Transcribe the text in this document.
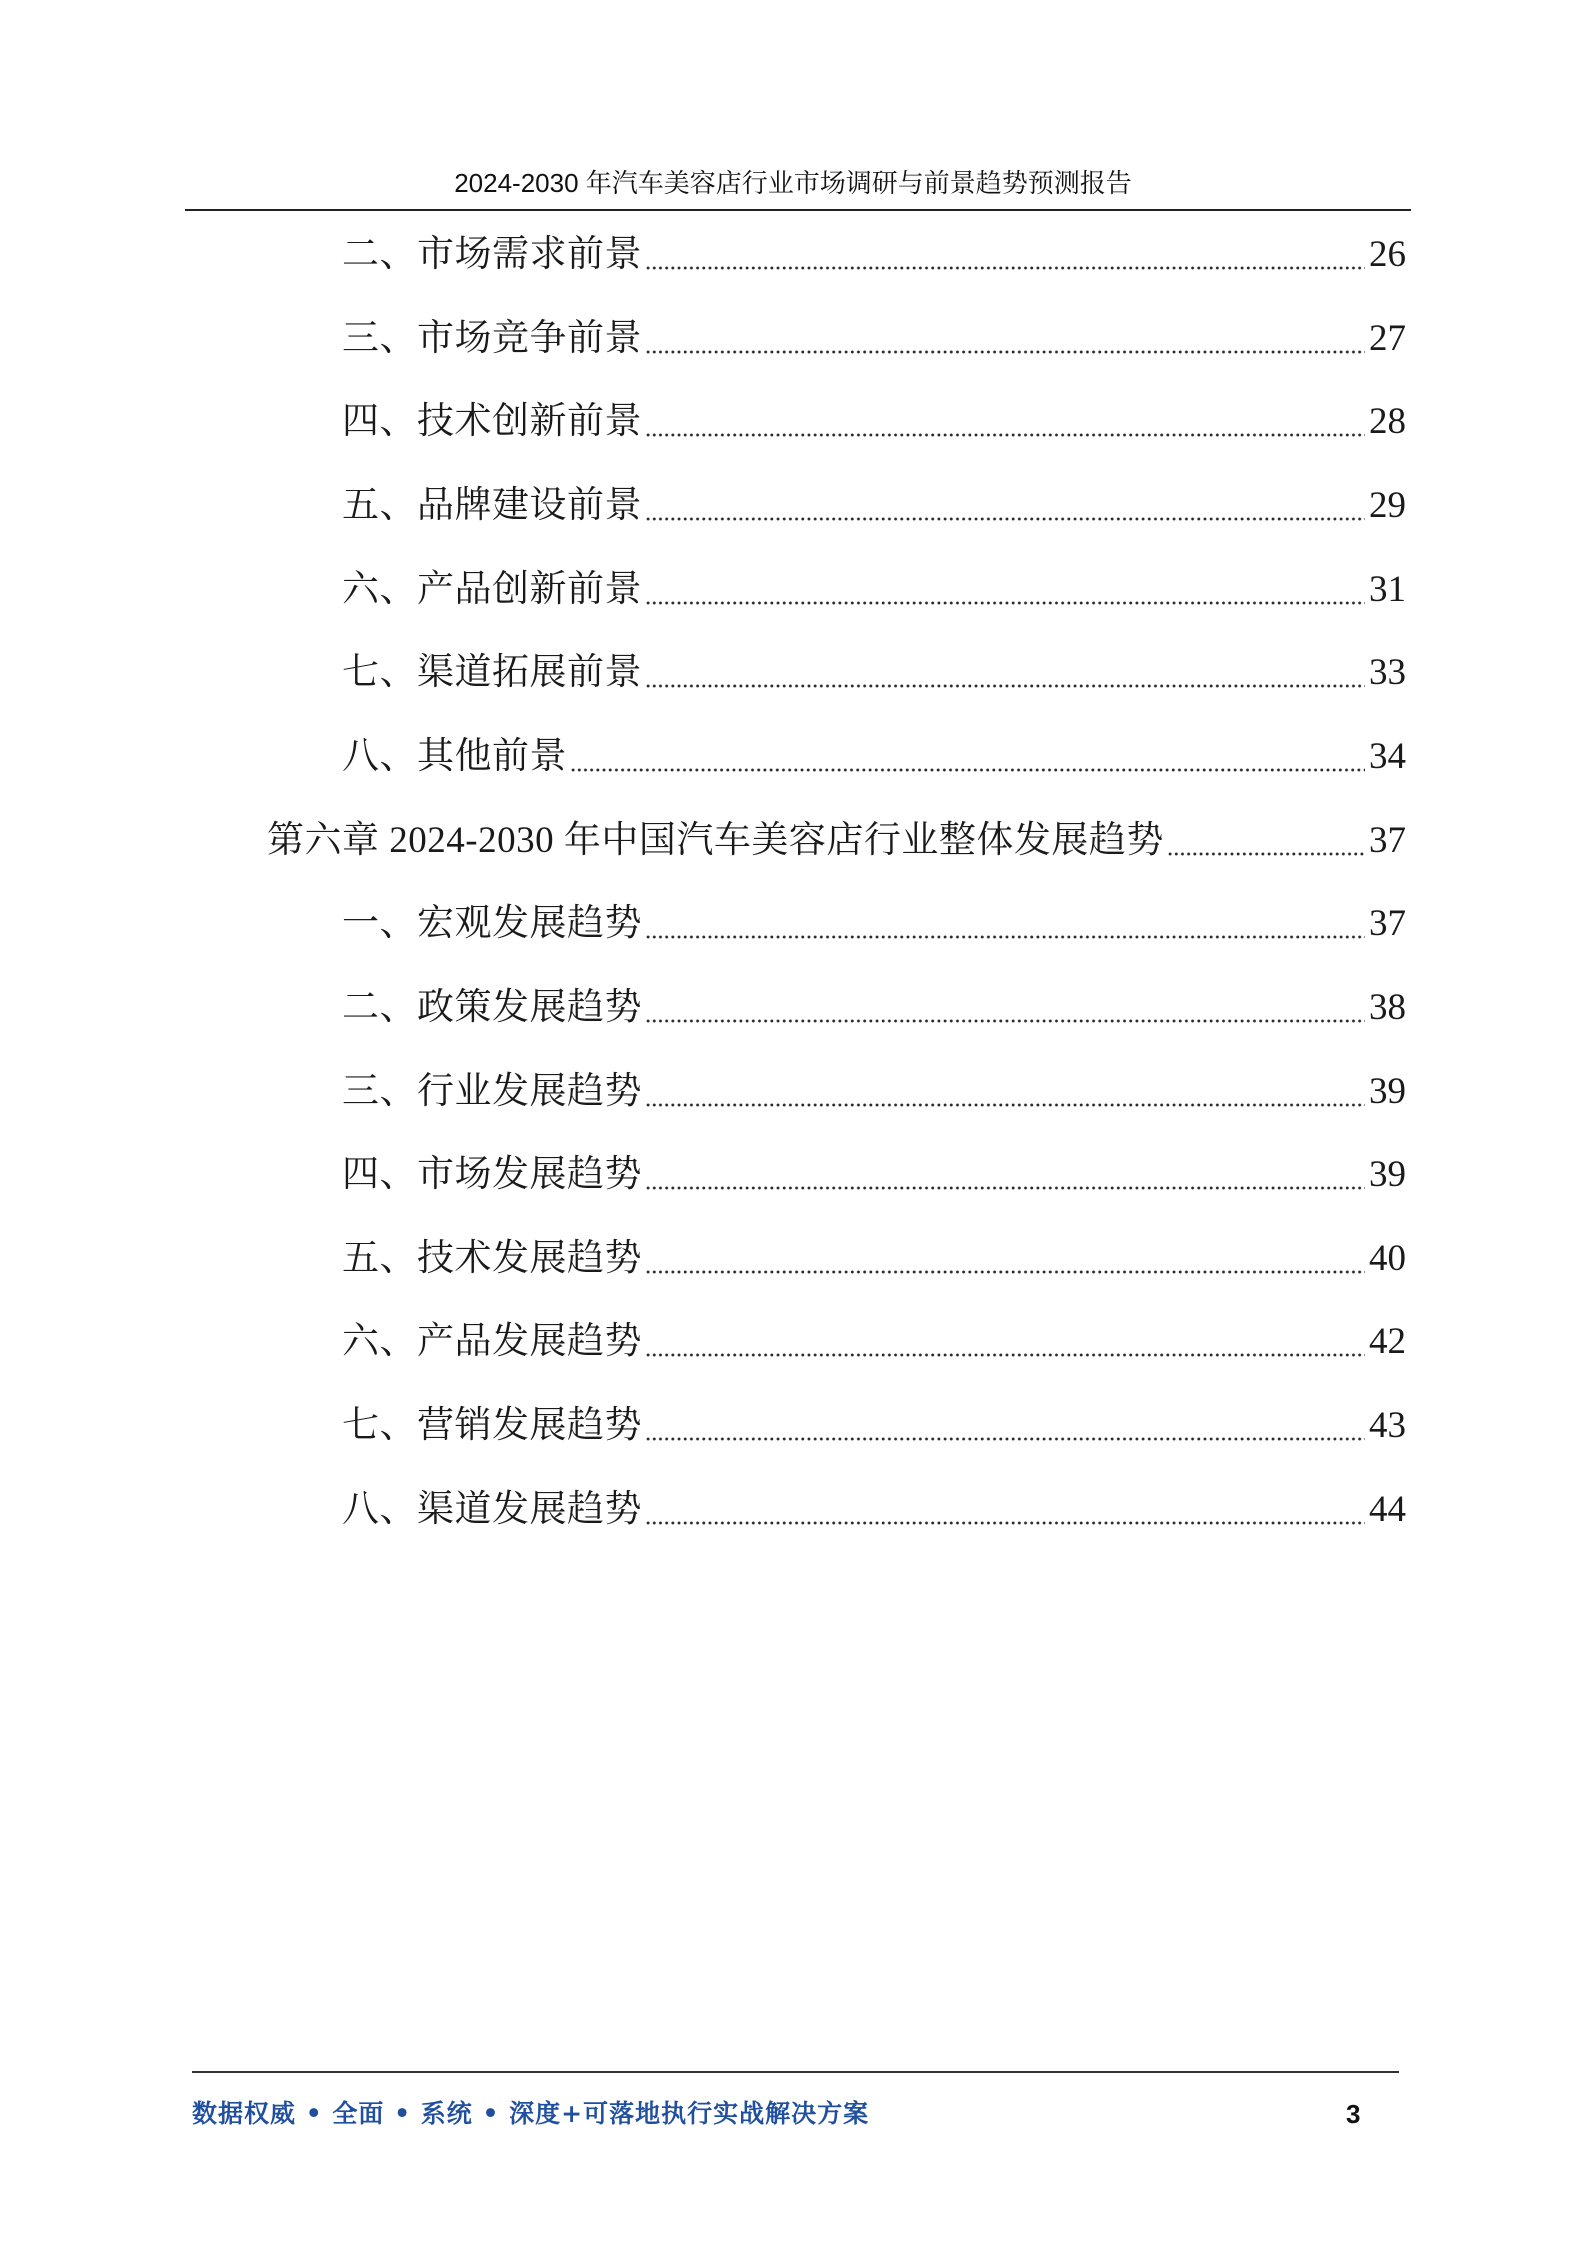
2024-2030 年汽车美容店行业市场调研与前景趋势预测报告
二、市场需求前景	26
三、市场竞争前景	27
四、技术创新前景	28
五、品牌建设前景	29
六、产品创新前景	31
七、渠道拓展前景	33
八、其他前景	34
第六章 2024-2030 年中国汽车美容店行业整体发展趋势	37
一、宏观发展趋势	37
二、政策发展趋势	38
三、行业发展趋势	39
四、市场发展趋势	39
五、技术发展趋势	40
六、产品发展趋势	42
七、营销发展趋势	43
八、渠道发展趋势	44
数据权威 • 全面 • 系统 • 深度+可落地执行实战解决方案	3
